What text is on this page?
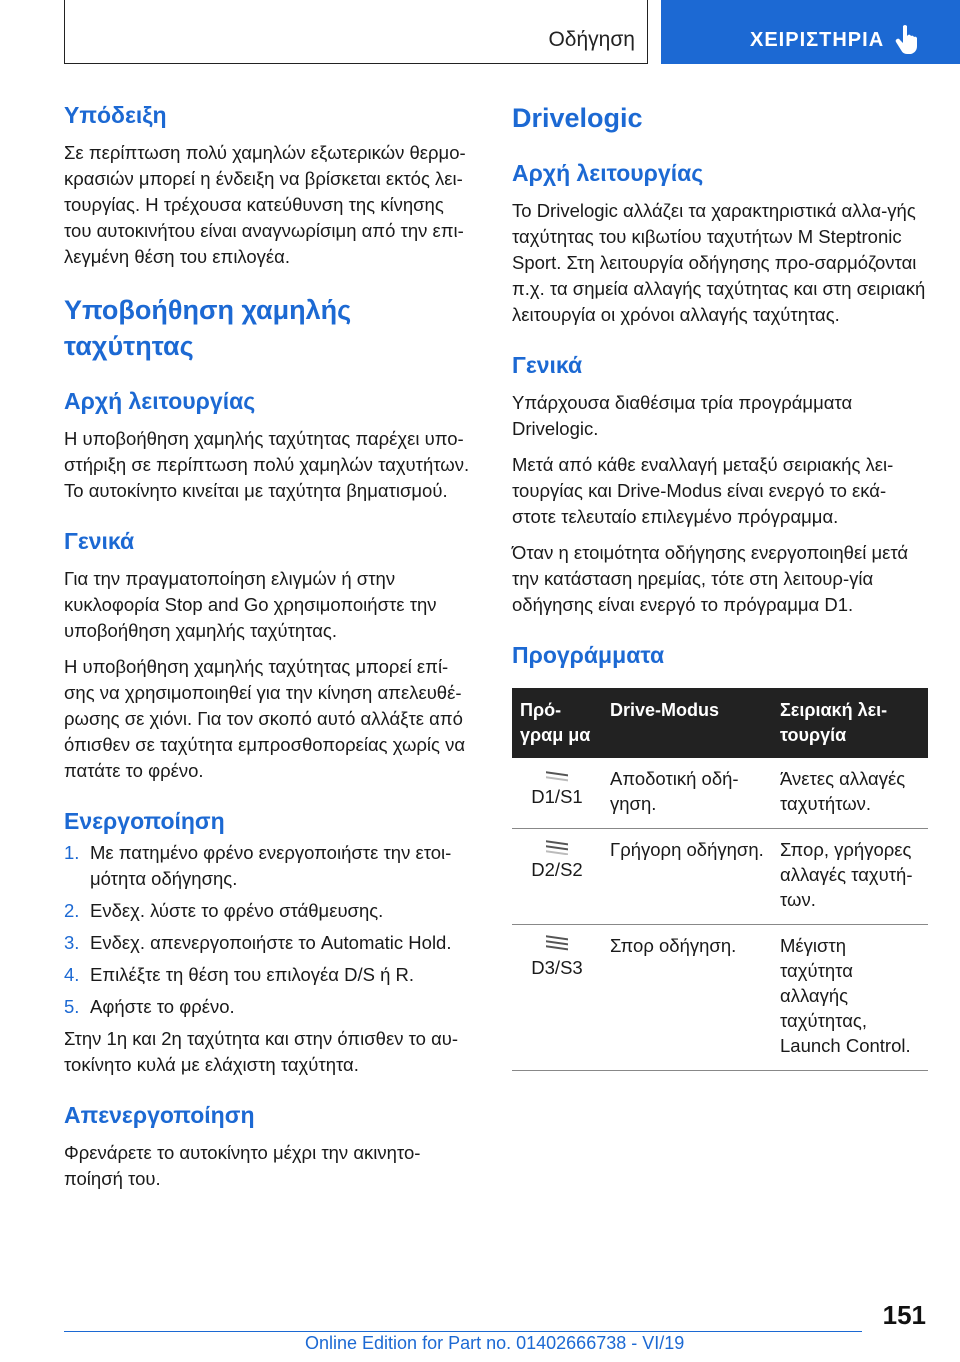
Οδήγηση	ΧΕΙΡΙΣΤΗΡΙΑ
Υπόδειξη

Σε περίπτωση πολύ χαμηλών εξωτερικών θερμο-κρασιών μπορεί η ένδειξη να βρίσκεται εκτός λει-τουργίας. Η τρέχουσα κατεύθυνση της κίνησης του αυτοκινήτου είναι αναγνωρίσιμη από την επι-λεγμένη θέση του επιλογέα.

Υποβοήθηση χαμηλής ταχύτητας
Αρχή λειτουργίας

Η υποβοήθηση χαμηλής ταχύτητας παρέχει υπο-στήριξη σε περίπτωση πολύ χαμηλών ταχυτήτων. Το αυτοκίνητο κινείται με ταχύτητα βηματισμού.

Γενικά

Για την πραγματοποίηση ελιγμών ή στην κυκλοφορία Stop and Go χρησιμοποιήστε την υποβοήθηση χαμηλής ταχύτητας.

Η υποβοήθηση χαμηλής ταχύτητας μπορεί επί-σης να χρησιμοποιηθεί για την κίνηση απελευθέ-ρωσης σε χιόνι. Για τον σκοπό αυτό αλλάξτε από όπισθεν σε ταχύτητα εμπροσθοπορείας χωρίς να πατάτε το φρένο.

Ενεργοποίηση
1. Με πατημένο φρένο ενεργοποιήστε την ετοι-μότητα οδήγησης.
2. Ενδεχ. λύστε το φρένο στάθμευσης.
3. Ενδεχ. απενεργοποιήστε το Automatic Hold.
4. Επιλέξτε τη θέση του επιλογέα D/S ή R.
5. Αφήστε το φρένο.

Στην 1η και 2η ταχύτητα και στην όπισθεν το αυ-τοκίνητο κυλά με ελάχιστη ταχύτητα.

Απενεργοποίηση

Φρενάρετε το αυτοκίνητο μέχρι την ακινητο-ποίησή του.

Drivelogic
Αρχή λειτουργίας

Το Drivelogic αλλάζει τα χαρακτηριστικά αλλα-γής ταχύτητας του κιβωτίου ταχυτήτων M Steptronic Sport. Στη λειτουργία οδήγησης προ-σαρμόζονται π.χ. τα σημεία αλλαγής ταχύτητας και στη σειριακή λειτουργία οι χρόνοι αλλαγής ταχύτητας.

Γενικά

Υπάρχουσα διαθέσιμα τρία προγράμματα Drivelogic.

Μετά από κάθε εναλλαγή μεταξύ σειριακής λει-τουργίας και Drive-Modus είναι ενεργό το εκά-στοτε τελευταίο επιλεγμένο πρόγραμμα.

Όταν η ετοιμότητα οδήγησης ενεργοποιηθεί μετά την κατάσταση ηρεμίας, τότε στη λειτουρ-γία οδήγησης είναι ενεργό το πρόγραμμα D1.

Προγράμματα
Πρό-γραμ μα	Drive-Modus	Σειριακή λει-τουργία

D1/S1	Αποδοτική οδή-γηση.	Άνετες αλλαγές ταχυτήτων.

D2/S2	Γρήγορη οδήγηση.	Σπορ, γρήγορες αλλαγές ταχυτή-των.

D3/S3	Σπορ οδήγηση.	Μέγιστη ταχύτητα αλλαγής ταχύτητας, Launch Control.
151
Online Edition for Part no. 01402666738 - VI/19
